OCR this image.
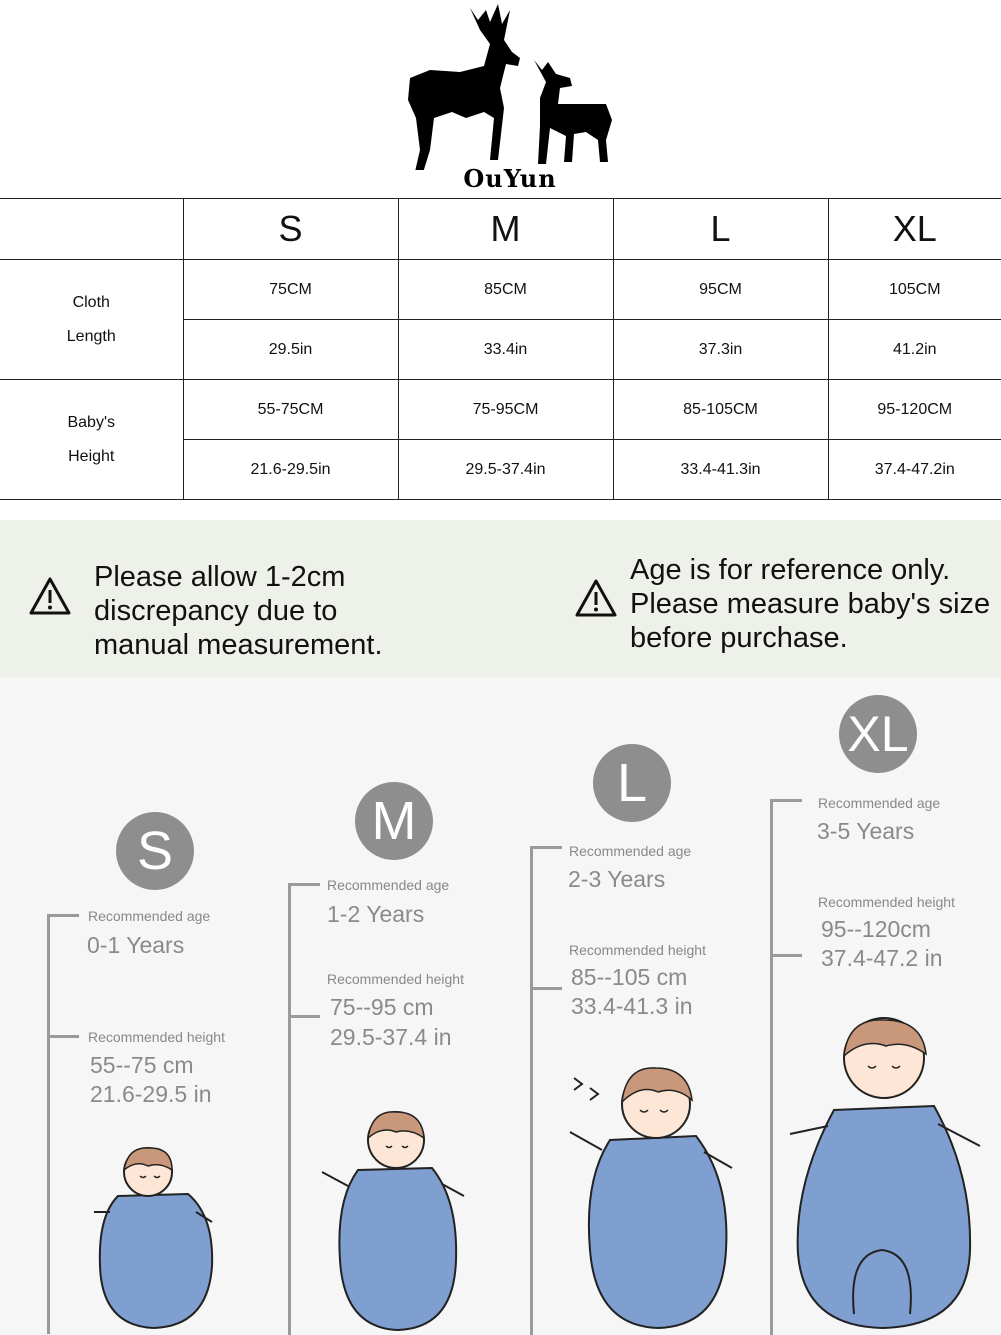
OuYun
	S	M	L	XL
Cloth
Length	75CM	85CM	95CM	105CM
	29.5in	33.4in	37.3in	41.2in
Baby's
Height	55-75CM	75-95CM	85-105CM	95-120CM
	21.6-29.5in	29.5-37.4in	33.4-41.3in	37.4-47.2in
Please allow 1-2cm
discrepancy due to
manual measurement.
Age is for reference only.
Please measure baby's size
before purchase.
S
Recommended age
0-1 Years
Recommended height
55--75 cm
21.6-29.5 in
M
Recommended age
1-2 Years
Recommended height
75--95 cm
29.5-37.4 in
L
Recommended age
2-3 Years
Recommended height
85--105 cm
33.4-41.3 in
XL
Recommended age
3-5 Years
Recommended height
95--120cm
37.4-47.2 in
